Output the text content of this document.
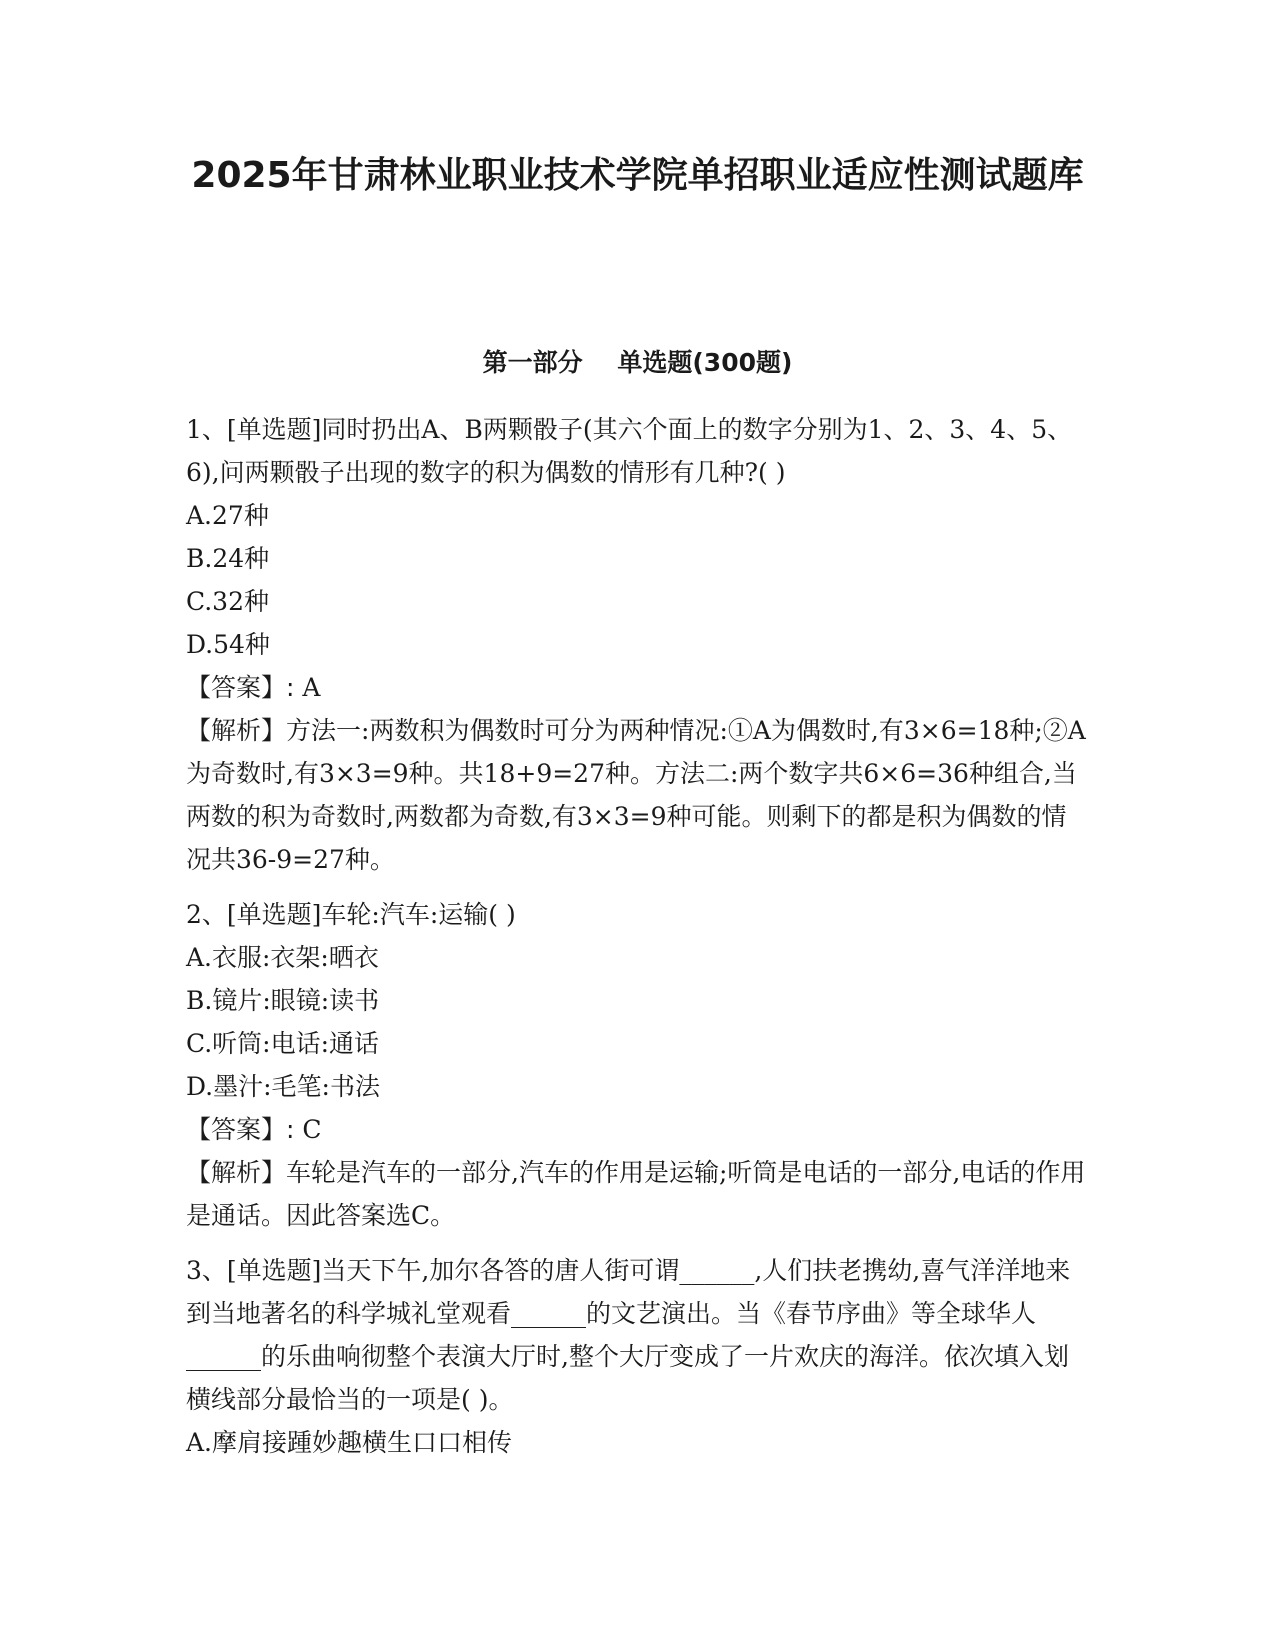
2025年甘肃林业职业技术学院单招职业适应性测试题库
第一部分    单选题(300题)
1、[单选题]同时扔出A、B两颗骰子(其六个面上的数字分别为1、2、3、4、5、6),问两颗骰子出现的数字的积为偶数的情形有几种?( )
A.27种
B.24种
C.32种
D.54种
【答案】: A
【解析】方法一:两数积为偶数时可分为两种情况:①A为偶数时,有3×6=18种;②A为奇数时,有3×3=9种。共18+9=27种。方法二:两个数字共6×6=36种组合,当两数的积为奇数时,两数都为奇数,有3×3=9种可能。则剩下的都是积为偶数的情况共36-9=27种。
2、[单选题]车轮:汽车:运输( )
A.衣服:衣架:晒衣
B.镜片:眼镜:读书
C.听筒:电话:通话
D.墨汁:毛笔:书法
【答案】: C
【解析】车轮是汽车的一部分,汽车的作用是运输;听筒是电话的一部分,电话的作用是通话。因此答案选C。
3、[单选题]当天下午,加尔各答的唐人街可谓______,人们扶老携幼,喜气洋洋地来到当地著名的科学城礼堂观看______的文艺演出。当《春节序曲》等全球华人______的乐曲响彻整个表演大厅时,整个大厅变成了一片欢庆的海洋。依次填入划横线部分最恰当的一项是( )。
A.摩肩接踵妙趣横生口口相传
